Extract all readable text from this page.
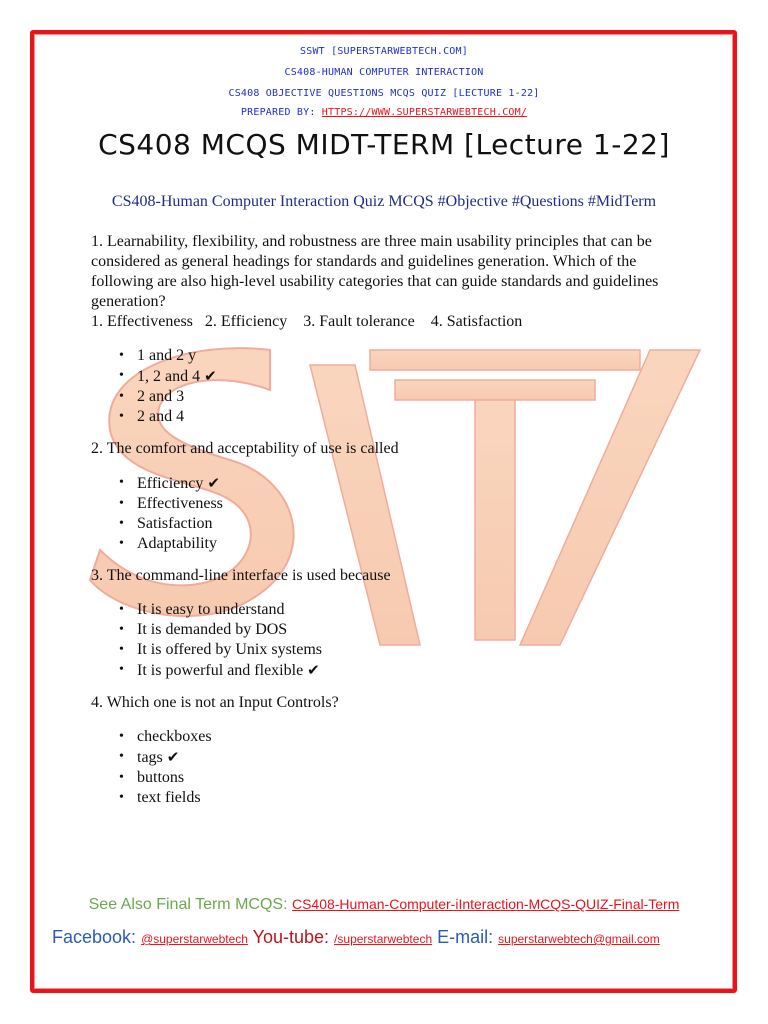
SSWT [SUPERSTARWEBTECH.COM]
CS408-HUMAN COMPUTER INTERACTION
CS408 OBJECTIVE QUESTIONS MCQS QUIZ [LECTURE 1-22]
PREPARED BY: HTTPS://WWW.SUPERSTARWEBTECH.COM/
CS408 MCQS MIDT-TERM [Lecture 1-22]
CS408-Human Computer Interaction Quiz MCQS #Objective #Questions #MidTerm

1. Learnability, flexibility, and robustness are three main usability principles that can be considered as general headings for standards and guidelines generation. Which of the following are also high-level usability categories that can guide standards and guidelines generation?

1. Effectiveness   2. Efficiency    3. Fault tolerance    4. Satisfaction

• 1 and 2 y
• 1, 2 and 4 ✔
• 2 and 3
• 2 and 4

2. The comfort and acceptability of use is called

• Efficiency ✔
• Effectiveness
• Satisfaction
• Adaptability

3. The command-line interface is used because

• It is easy to understand
• It is demanded by DOS
• It is offered by Unix systems
• It is powerful and flexible ✔

4. Which one is not an Input Controls?

• checkboxes
• tags ✔
• buttons
• text fields
See Also Final Term MCQS: CS408-Human-Computer-iInteraction-MCQS-QUIZ-Final-Term
Facebook: @superstarwebtech You-tube: /superstarwebtech E-mail: superstarwebtech@gmail.com
